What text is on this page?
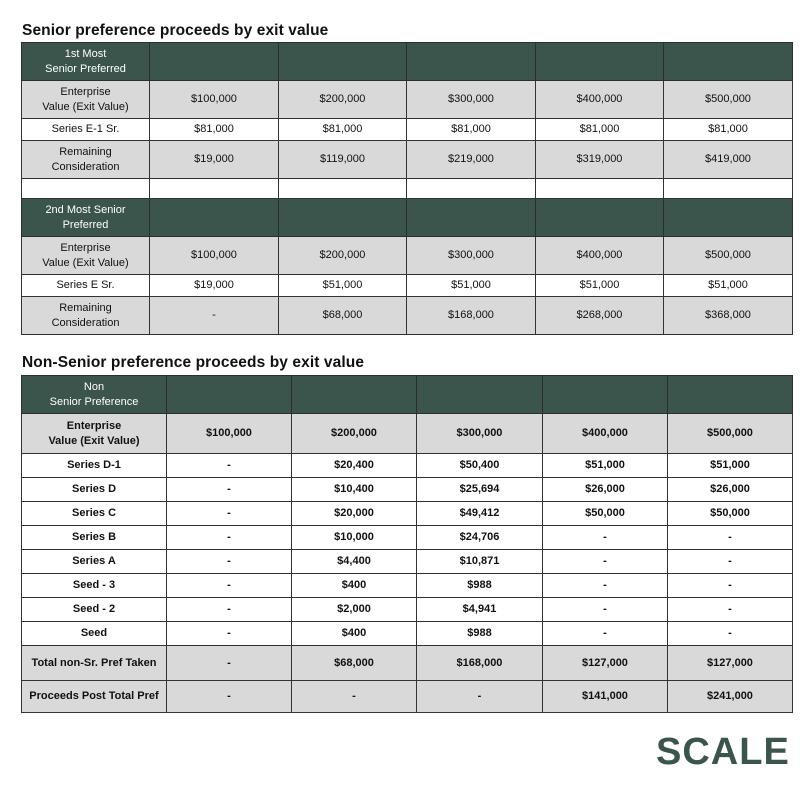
Senior preference proceeds by exit value
1st Most
Senior Preferred					
Enterprise
Value (Exit Value)	$100,000	$200,000	$300,000	$400,000	$500,000
Series E-1 Sr.	$81,000	$81,000	$81,000	$81,000	$81,000
Remaining
Consideration	$19,000	$119,000	$219,000	$319,000	$419,000

2nd Most Senior
Preferred					
Enterprise
Value (Exit Value)	$100,000	$200,000	$300,000	$400,000	$500,000
Series E Sr.	$19,000	$51,000	$51,000	$51,000	$51,000
Remaining
Consideration	-	$68,000	$168,000	$268,000	$368,000
Non-Senior preference proceeds by exit value
Non
Senior Preference					
Enterprise
Value (Exit Value)	$100,000	$200,000	$300,000	$400,000	$500,000
Series D-1	-	$20,400	$50,400	$51,000	$51,000
Series D	-	$10,400	$25,694	$26,000	$26,000
Series C	-	$20,000	$49,412	$50,000	$50,000
Series B	-	$10,000	$24,706	-	-
Series A	-	$4,400	$10,871	-	-
Seed - 3	-	$400	$988	-	-
Seed - 2	-	$2,000	$4,941	-	-
Seed	-	$400	$988	-	-
Total non-Sr. Pref Taken	-	$68,000	$168,000	$127,000	$127,000
Proceeds Post Total Pref	-	-	-	$141,000	$241,000
SCALE
